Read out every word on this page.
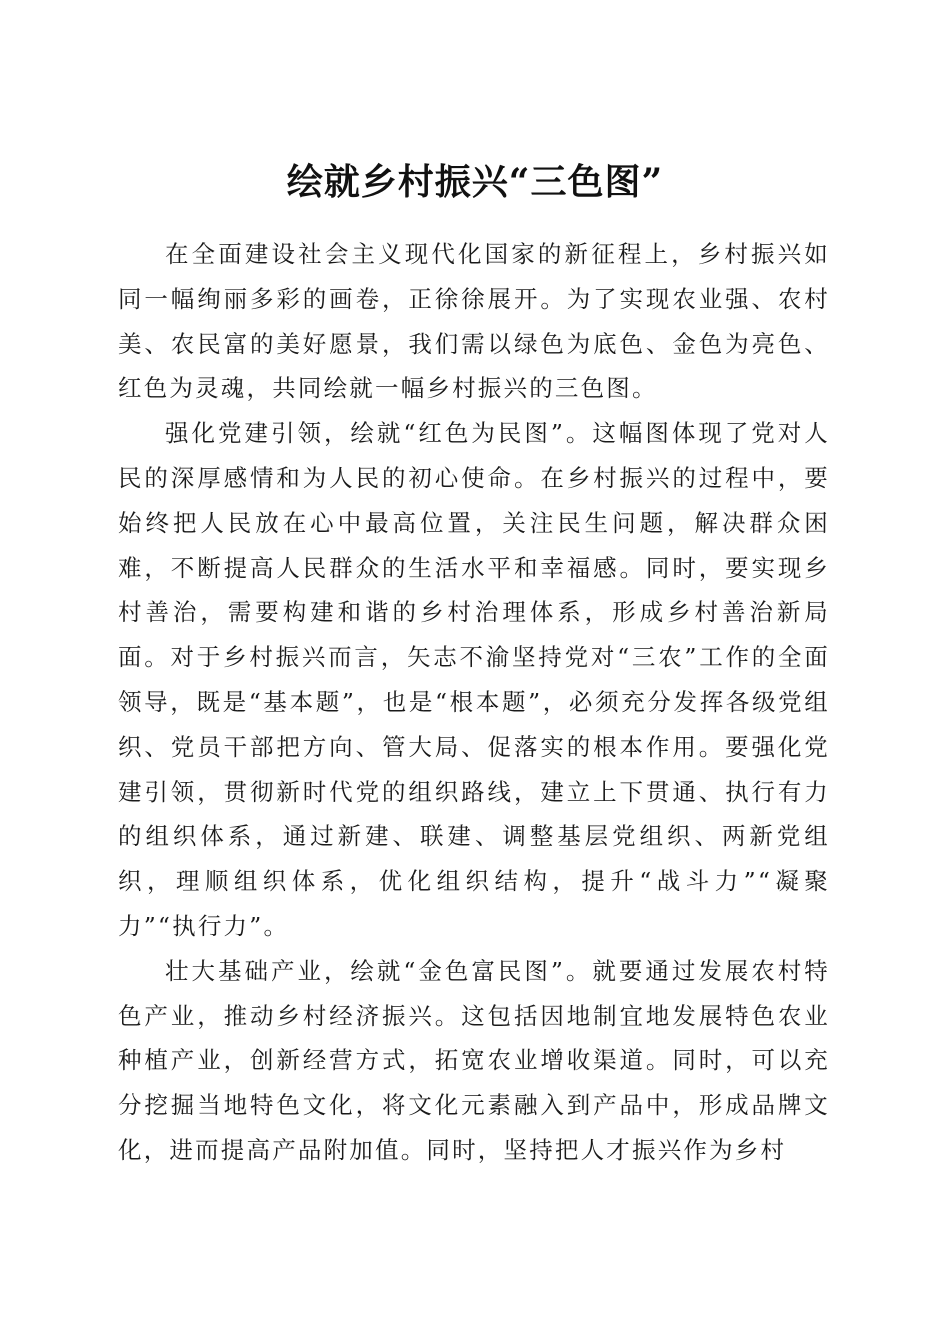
绘就乡村振兴“三色图”

在全面建设社会主义现代化国家的新征程上，乡村振兴如同一幅绚丽多彩的画卷，正徐徐展开。为了实现农业强、农村美、农民富的美好愿景，我们需以绿色为底色、金色为亮色、红色为灵魂，共同绘就一幅乡村振兴的三色图。

强化党建引领，绘就“红色为民图”。这幅图体现了党对人民的深厚感情和为人民的初心使命。在乡村振兴的过程中，要始终把人民放在心中最高位置，关注民生问题，解决群众困难，不断提高人民群众的生活水平和幸福感。同时，要实现乡村善治，需要构建和谐的乡村治理体系，形成乡村善治新局面。对于乡村振兴而言，矢志不渝坚持党对“三农”工作的全面领导，既是“基本题”，也是“根本题”，必须充分发挥各级党组织、党员干部把方向、管大局、促落实的根本作用。要强化党建引领，贯彻新时代党的组织路线，建立上下贯通、执行有力的组织体系，通过新建、联建、调整基层党组织、两新党组织，理顺组织体系，优化组织结构，提升“战斗力”“凝聚力”“执行力”。

壮大基础产业，绘就“金色富民图”。就要通过发展农村特色产业，推动乡村经济振兴。这包括因地制宜地发展特色农业种植产业，创新经营方式，拓宽农业增收渠道。同时，可以充分挖掘当地特色文化，将文化元素融入到产品中，形成品牌文化，进而提高产品附加值。同时，坚持把人才振兴作为乡村
